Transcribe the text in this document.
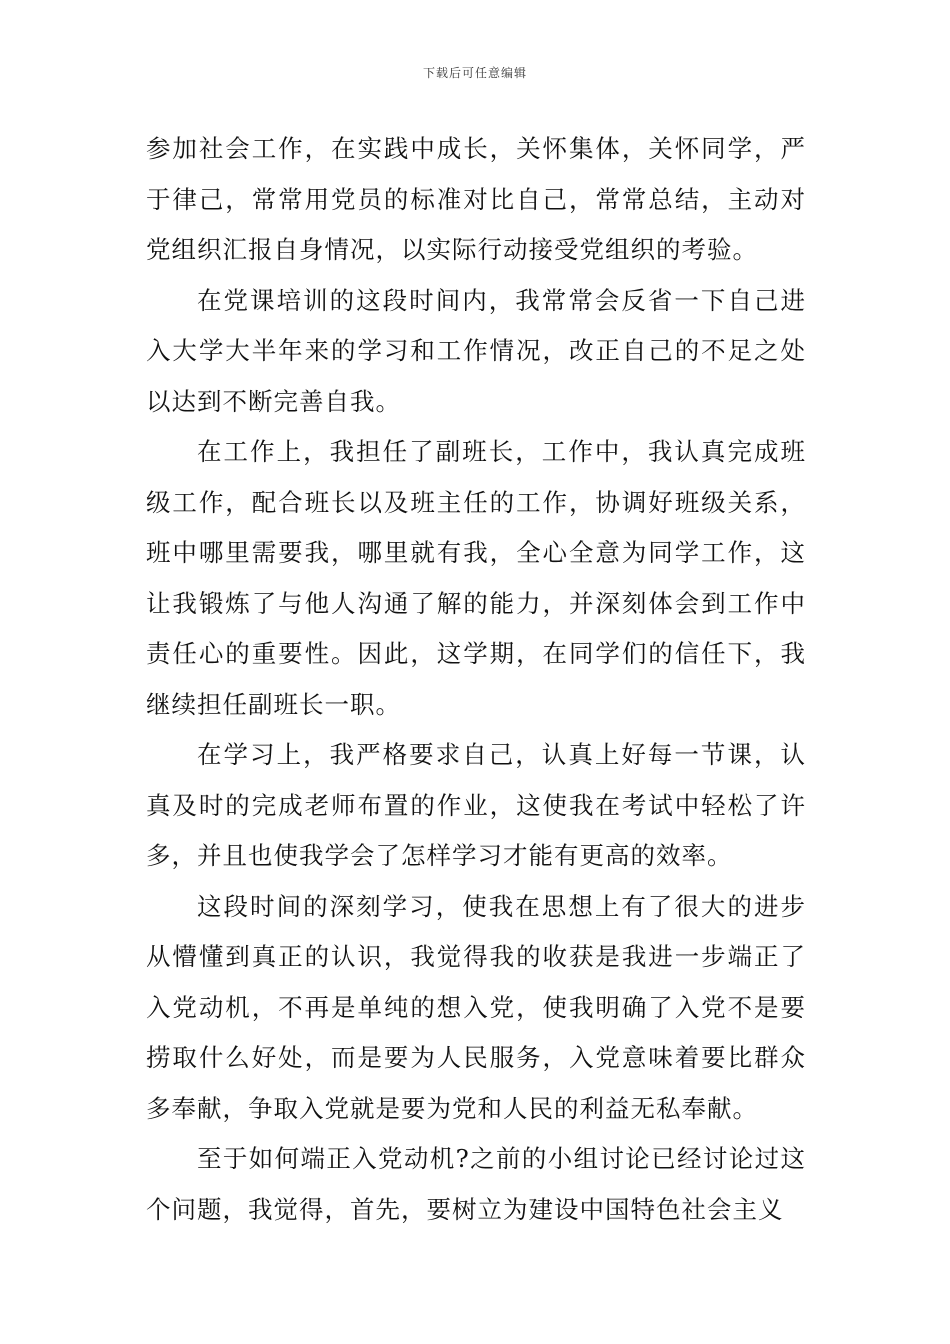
下载后可任意编辑

参加社会工作，在实践中成长，关怀集体，关怀同学，严于律己，常常用党员的标准对比自己，常常总结，主动对党组织汇报自身情况，以实际行动接受党组织的考验。

在党课培训的这段时间内，我常常会反省一下自己进入大学大半年来的学习和工作情况，改正自己的不足之处以达到不断完善自我。

在工作上，我担任了副班长，工作中，我认真完成班级工作，配合班长以及班主任的工作，协调好班级关系，班中哪里需要我，哪里就有我，全心全意为同学工作，这让我锻炼了与他人沟通了解的能力，并深刻体会到工作中责任心的重要性。因此，这学期，在同学们的信任下，我继续担任副班长一职。

在学习上，我严格要求自己，认真上好每一节课，认真及时的完成老师布置的作业，这使我在考试中轻松了许多，并且也使我学会了怎样学习才能有更高的效率。

这段时间的深刻学习，使我在思想上有了很大的进步从懵懂到真正的认识，我觉得我的收获是我进一步端正了入党动机，不再是单纯的想入党，使我明确了入党不是要捞取什么好处，而是要为人民服务，入党意味着要比群众多奉献，争取入党就是要为党和人民的利益无私奉献。

至于如何端正入党动机?之前的小组讨论已经讨论过这个问题，我觉得，首先，要树立为建设中国特色社会主义
